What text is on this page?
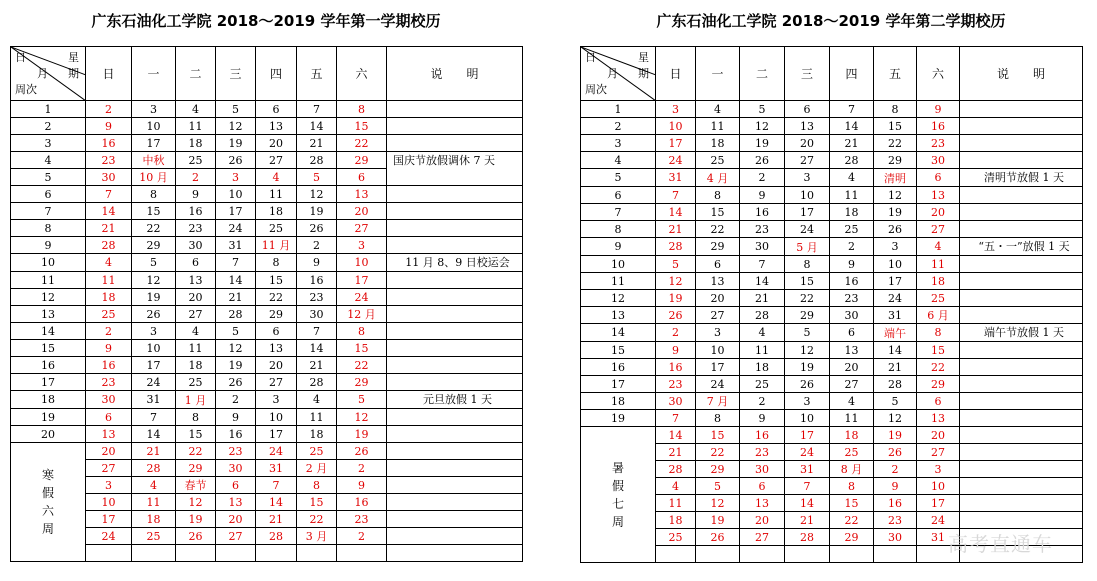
广东石油化工学院 2018～2019 学年第一学期校历
日 星
月 期
周次	日	一	二	三	四	五	六	说　　明
1	2	3	4	5	6	7	8	
2	9	10	11	12	13	14	15	
3	16	17	18	19	20	21	22	
4	23	中秋	25	26	27	28	29	国庆节放假调休 7 天
5	30	10 月	2	3	4	5	6	
6	7	8	9	10	11	12	13	
7	14	15	16	17	18	19	20	
8	21	22	23	24	25	26	27	
9	28	29	30	31	11 月	2	3	
10	4	5	6	7	8	9	10	11 月 8、9 日校运会
11	11	12	13	14	15	16	17	
12	18	19	20	21	22	23	24	
13	25	26	27	28	29	30	12 月	
14	2	3	4	5	6	7	8	
15	9	10	11	12	13	14	15	
16	16	17	18	19	20	21	22	
17	23	24	25	26	27	28	29	
18	30	31	1 月	2	3	4	5	元旦放假 1 天
19	6	7	8	9	10	11	12	
20	13	14	15	16	17	18	19	
寒
假
六
周	20	21	22	23	24	25	26	
	27	28	29	30	31	2 月	2	
	3	4	春节	6	7	8	9	
	10	11	12	13	14	15	16	
	17	18	19	20	21	22	23	
	24	25	26	27	28	3 月	2	

广东石油化工学院 2018～2019 学年第二学期校历
日 星
月 期
周次	日	一	二	三	四	五	六	说　　明
1	3	4	5	6	7	8	9	
2	10	11	12	13	14	15	16	
3	17	18	19	20	21	22	23	
4	24	25	26	27	28	29	30	
5	31	4 月	2	3	4	清明	6	清明节放假 1 天
6	7	8	9	10	11	12	13	
7	14	15	16	17	18	19	20	
8	21	22	23	24	25	26	27	
9	28	29	30	5 月	2	3	4	“五・一”放假 1 天
10	5	6	7	8	9	10	11	
11	12	13	14	15	16	17	18	
12	19	20	21	22	23	24	25	
13	26	27	28	29	30	31	6 月	
14	2	3	4	5	6	端午	8	端午节放假 1 天
15	9	10	11	12	13	14	15	
16	16	17	18	19	20	21	22	
17	23	24	25	26	27	28	29	
18	30	7 月	2	3	4	5	6	
19	7	8	9	10	11	12	13	
暑
假
七
周	14	15	16	17	18	19	20	
	21	22	23	24	25	26	27	
	28	29	30	31	8 月	2	3	
	4	5	6	7	8	9	10	
	11	12	13	14	15	16	17	
	18	19	20	21	22	23	24	
	25	26	27	28	29	30	31	
							高考直通车
